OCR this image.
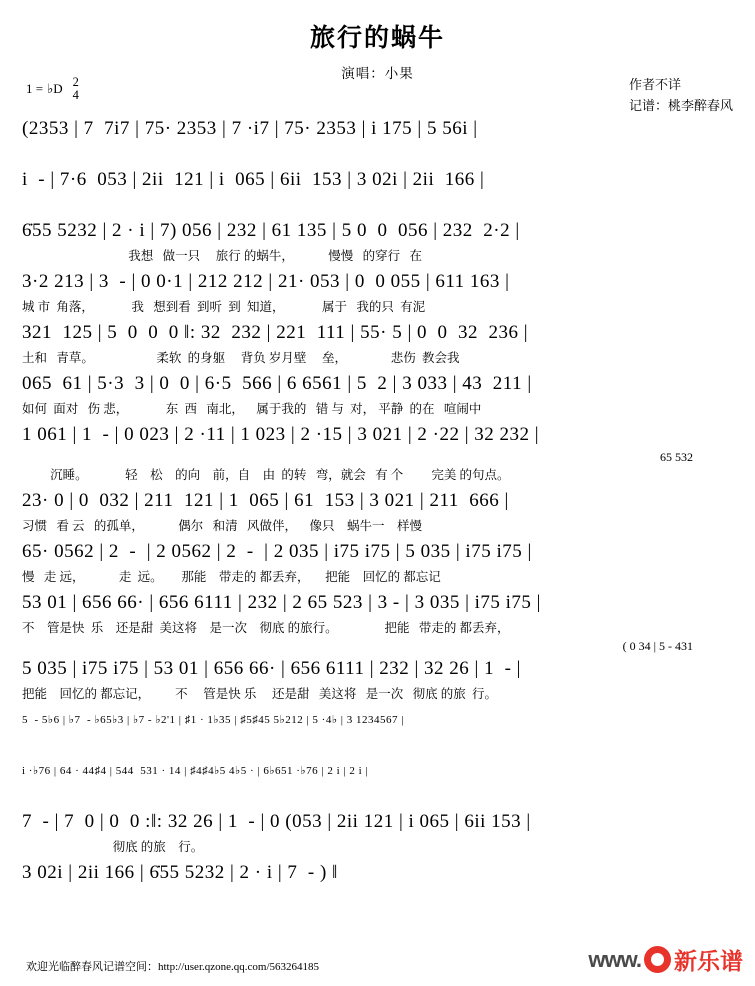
1 = ♭D 2
4
旅行的蜗牛
演唱：小果
作者不详
记谱：桃李醉春风
(2353 | 7  7i7 | 75· 2353 | 7 ·i7 | 75· 2353 | i 175 | 5 56i |
i  - | 7·6  053 | 2ii  121 | i  065 | 6ii  153 | 3 02i | 2ii  166 |
6̇55 5232 | 2 · i | 7) 056 | 232 | 61 135 | 5 0  0  056 | 232  2·2 |
我想   做一只     旅行 的蜗牛，           慢慢   的穿行   在
3·2 213 | 3  - | 0 0·1 | 212 212 | 21· 053 | 0  0 055 | 611 163 |
城 市  角落，            我   想到看  到听  到  知道，            属于   我的只  有泥
321  125 | 5  0  0  0 ‖: 32  232 | 221  111 | 55· 5 | 0  0  32  236 |
土和   青草。                    柔软  的身躯     背负 岁月壁     垒，              悲伤  教会我
065  61 | 5·3  3 | 0  0 | 6·5  566 | 6 6561 | 5  2 | 3 033 | 43  211 |
如何  面对   伤 悲，            东  西   南北，    属于我的   错 与  对， 平静  的在   喧闹中
1 061 | 1  - | 0 023 | 2 ·11 | 1 023 | 2 ·15 | 3 021 | 2 ·22 | 32 232 |
65 532
沉睡。            轻    松    的向    前，自    由  的转   弯，就会   有 个         完美 的句点。
23· 0 | 0  032 | 211  121 | 1  065 | 61  153 | 3 021 | 211  666 |
习惯   看 云   的孤单，           偶尔   和清   风做伴，    像只    蜗牛一    样慢
65· 0562 | 2  -  | 2 0562 | 2  -  | 2 035 | i75 i75 | 5 035 | i75 i75 |
慢   走 远，           走  远。      那能    带走的 都丢弃，     把能    回忆的 都忘记
53 01 | 656 66· | 656 6111 | 232 | 2 65 523 | 3 - | 3 035 | i75 i75 |
不    管是快  乐    还是甜  美这将    是一次    彻底 的旅行。               把能   带走的 都丢弃，
( 0 34 | 5 - 431
5 035 | i75 i75 | 53 01 | 656 66· | 656 6111 | 232 | 32 26 | 1  - |
把能    回忆的 都忘记，        不     管是快 乐     还是甜   美这将   是一次   彻底 的旅  行。
5  - 5♭6 | ♭7  - ♭65♭3 | ♭7 - ♭2'1 | ♯1 · 1♭35 | ♯5♯45 5♭212 | 5 ·4♭ | 3 1234567 |
i ·♭76 | 64 · 44♯4 | 544  531 · 14 | ♯4♯4♭5 4♭5 · | 6♭651 ·♭76 | 2 i | 2 i |
7  - | 7  0 | 0  0 :‖: 32 26 | 1  - | 0 (053 | 2ii 121 | i 065 | 6ii 153 |
彻底 的旅    行。
3 02i | 2ii 166 | 6̇55 5232 | 2 · i | 7  - ) ‖
欢迎光临醉春风记谱空间：http://user.qzone.qq.com/563264185	www. 新乐谱
